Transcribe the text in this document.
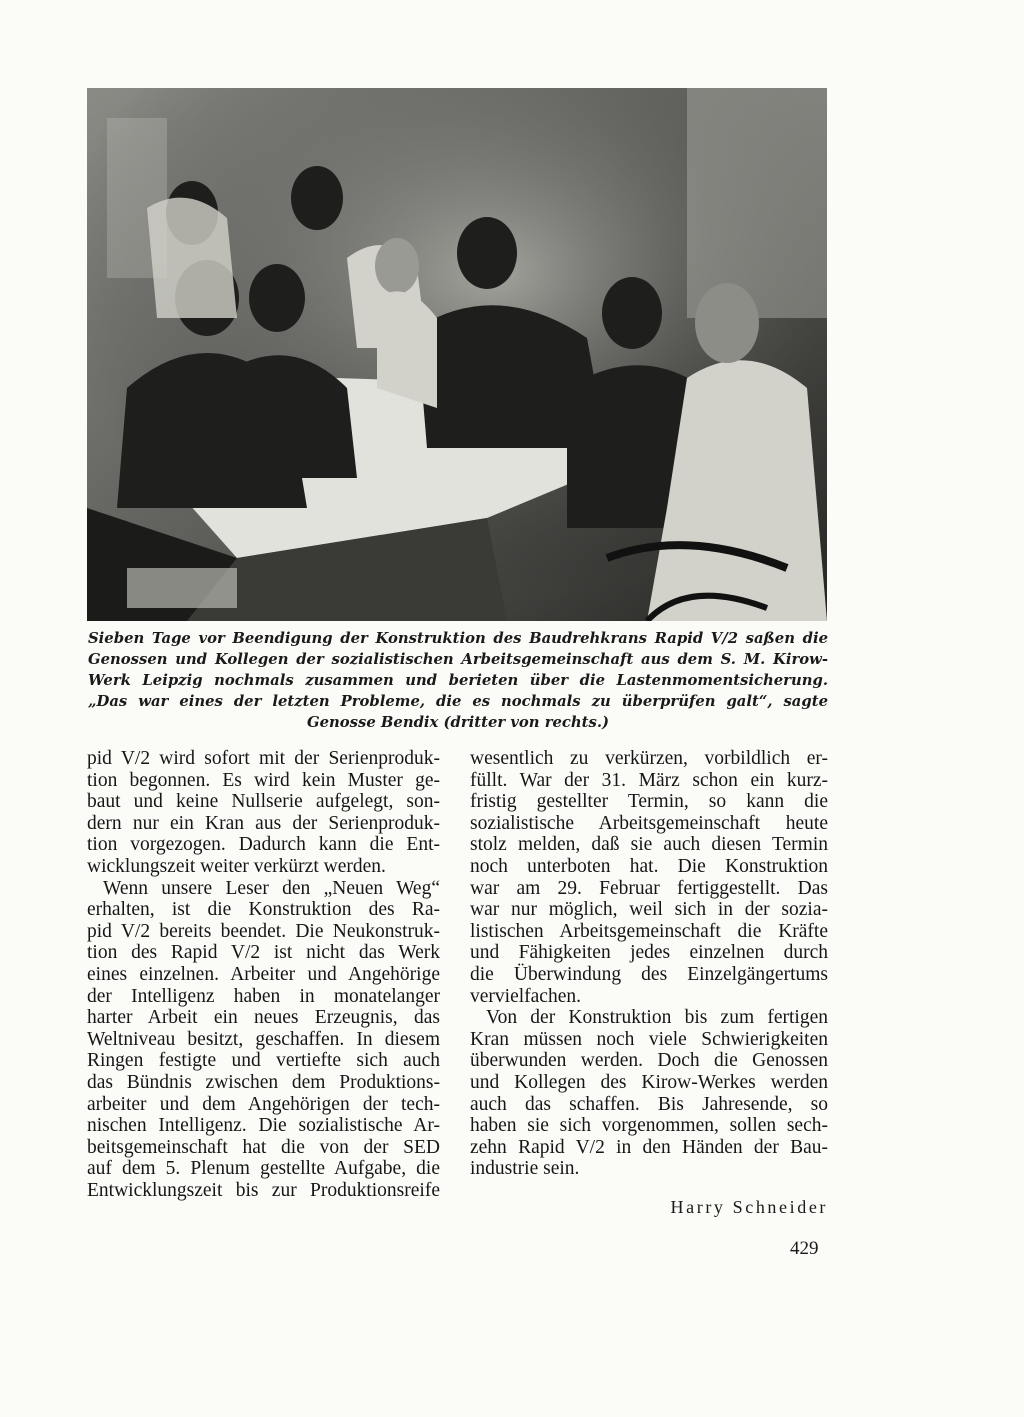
Sieben Tage vor Beendigung der Konstruktion des Baudrehkrans Rapid V/2 saßen die
Genossen und Kollegen der sozialistischen Arbeitsgemeinschaft aus dem S. M. Kirow-
Werk Leipzig nochmals zusammen und berieten über die Lastenmomentsicherung.
„Das war eines der letzten Probleme, die es nochmals zu überprüfen galt“, sagte
Genosse Bendix (dritter von rechts.)
pid V/2 wird sofort mit der Serienproduk-
tion begonnen. Es wird kein Muster ge-
baut und keine Nullserie aufgelegt, son-
dern nur ein Kran aus der Serienproduk-
tion vorgezogen. Dadurch kann die Ent-
wicklungszeit weiter verkürzt werden.
Wenn unsere Leser den „Neuen Weg“
erhalten, ist die Konstruktion des Ra-
pid V/2 bereits beendet. Die Neukonstruk-
tion des Rapid V/2 ist nicht das Werk
eines einzelnen. Arbeiter und Angehörige
der Intelligenz haben in monatelanger
harter Arbeit ein neues Erzeugnis, das
Weltniveau besitzt, geschaffen. In diesem
Ringen festigte und vertiefte sich auch
das Bündnis zwischen dem Produktions-
arbeiter und dem Angehörigen der tech-
nischen Intelligenz. Die sozialistische Ar-
beitsgemeinschaft hat die von der SED
auf dem 5. Plenum gestellte Aufgabe, die
Entwicklungszeit bis zur Produktionsreife
wesentlich zu verkürzen, vorbildlich er-
füllt. War der 31. März schon ein kurz-
fristig gestellter Termin, so kann die
sozialistische Arbeitsgemeinschaft heute
stolz melden, daß sie auch diesen Termin
noch unterboten hat. Die Konstruktion
war am 29. Februar fertiggestellt. Das
war nur möglich, weil sich in der sozia-
listischen Arbeitsgemeinschaft die Kräfte
und Fähigkeiten jedes einzelnen durch
die Überwindung des Einzelgängertums
vervielfachen.
Von der Konstruktion bis zum fertigen
Kran müssen noch viele Schwierigkeiten
überwunden werden. Doch die Genossen
und Kollegen des Kirow-Werkes werden
auch das schaffen. Bis Jahresende, so
haben sie sich vorgenommen, sollen sech-
zehn Rapid V/2 in den Händen der Bau-
industrie sein.
Harry Schneider
429
